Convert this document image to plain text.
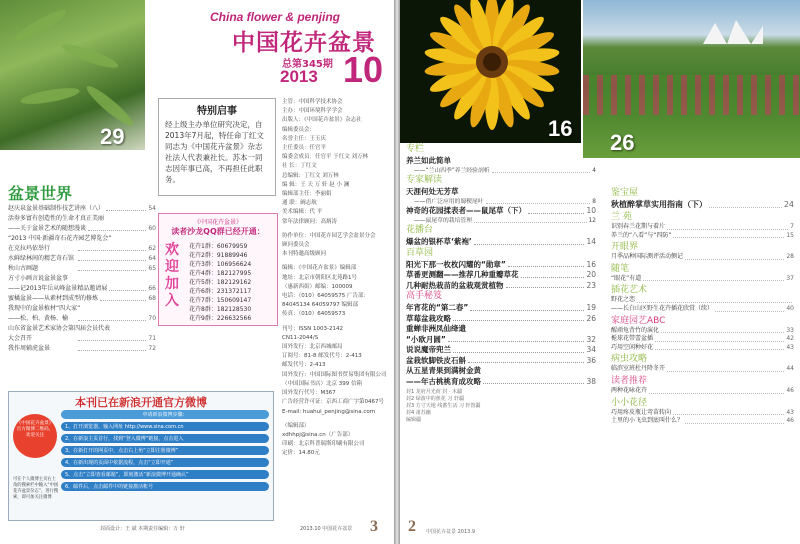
29
China flower & penjing
中国花卉盆景
总第345期
2013 10
特别启事

经上级主办单位研究决定，自2013年7月起，特任命丁红文同志为《中国花卉盆景》杂志社法人代表兼社长。苏本一同志因年事已高，不再担任此职务。

主管：中国科学技术协会
主办：中国环境科学学会
出版人：《中国花卉盆景》杂志社
编辑委员会：
名誉主任：王玉庆
主任委员：任官平
编委会成员：任官平 于红文 刘万林
社 长：丁红文
总编辑：丁红文 刘万林
编 辑：王 天 万 轩 赵 小 澜
编辑部主任：李丽娟
通 联：阚志航
美术编辑：代 平
常年法律顾问：高炳涛
协作单位：中国花卉园艺学会盆景分会
顾问委员会
本刊特邀高级顾问
编辑：《中国花卉盆景》编辑部
地址：北京市朝阳区北苑路1号
（惠新西街）邮编：100009
电话：（010）64059575 广告部：
84045134 64059797 编辑部
传真：（010）64059573
刊号：ISSN 1003-2142
CN11-2044/S
国外发行：北京西城邮局
订阅号：81-8 邮发代号：2-413
邮发代号：2-413
国外发行：中国国际图书贸易集团有限公司
（中国国际书店）北京 399 信箱
国外发行代号：M367
广告经营许可证：京西工商广字第0467号
E-mail: huahui_penjing@sina.com
（编辑部）
xdhhpj@sina.cn（广告部）
印刷：北京科普瑞斯印刷有限公司
定价：14.80元
盆景世界
赵庆泉盆景基础制作技艺讲座（八）	54
活券多富有创造性的生命才真正美丽
——关于盆景艺术的随想漫谈	60
“2013 中国·新疆奇石花卉园艺博览会”
在克拉玛依举行	62
水鲜绿林间的精艺奇石馆	64
秋山古画题	65
方寸小画言说盆景盆事
——记2013年岳从峰盆景精品邀请展	66
蜜橘盆景——从素材到成型的修炼	68
我现中的盆景植材“四大家”
——松、柏、黄杨、榆	70
山东省盆景艺术家协会第四届会员代表
大会召开	71
我作周辅虎盆景	72
《中国花卉盆景》
读者沙龙QQ群已经开通：
欢迎加入
花卉1群：60679959
花卉2群：91889946
花卉3群：106956624
花卉4群：182127995
花卉5群：182129162
花卉6群：231372117
花卉7群：150609147
花卉8群：182128530
花卉9群：226632566
本刊已在新浪开通官方微博
《中国花卉盆景》官方微博二维码，欢迎关注
申请新浪微博步骤：
1、打开浏览器，输入网址 http://www.sina.com.cn
2、在新浪主页首行，找到“登入微博”链接，点击进入
3、在新打开的网页中，点击右上角“立即注册微博”
4、在新出现的页面中依据流程，点击“立即开通”
5、点击“立即查看邮箱”，即刻激活“新浪微博开通确认”
6、邮件后，点击邮件中的链接激活帐号
可在个人微博主页右上角的搜索栏中输入“中国花卉盆景杂志”，进行搜索，即可加关注微博
封面设计：王 斌 本期责任编辑：万 轩	2013.10 中国花卉盆景 3
16
26
专栏
养兰如此简单
——“兰山四季”养兰经验剖析	4
专家解读
天涯何处无芳草
——借广泛应用的蜀楔尾叶	8
神奇的花园揉表者——鼠尾草（下）	10
——鼠尾草的栽培管理	12
花播台
爆盆的银杯草‘紫袍’	14
百草园
阳光下那一枚枚闪耀的“勋章”	16
草番更测翻——推荐几种重瓣草花	20
几种耐热栽苗的盆栽观赏植物	23
高手秘笈
年宵花的“第二春”	19
草莓盆栽攻略	26
重蝉非洲凤仙绛遗
“小欧月圆”	32
说说魔帝兜兰	34
盆栽软脚铁皮石斛	36
从五星青果到满树金黄
——年古桃桃育成攻略	38
封1 龙府月光荷 封 · 木疆
封2 绿波中的蕉花 习 轩疆
封3 方寸天地 线蓄生活 习 轩馆疆
封4 莆苏幽
编辑疆
鉴宝屋
秋植醉掌草实用指南（下）	24
兰 苑
识别春兰花期与着片	7
养兰的“八看”与“四防”	15
开眼界
月季品种国际测评活动侧记	28
随笔
“眼花”有道	37
插花艺术
野花之恋
——长白山区野生花卉插花欣赏（续）	40
家庭园艺ABC
醒顽龟背竹的演化	33
栀球花带蕾盆插	42
巧用空闲种好花	43
病虫攻略
临滨室班杜丹降冬开	44
读者推荐
两种花咏花卉	46
小小花径
巧用疼皮瓶让弯苗转向	43
土里的小飞虫到底叫什么？	46
2 中国花卉盆景 2013.9
